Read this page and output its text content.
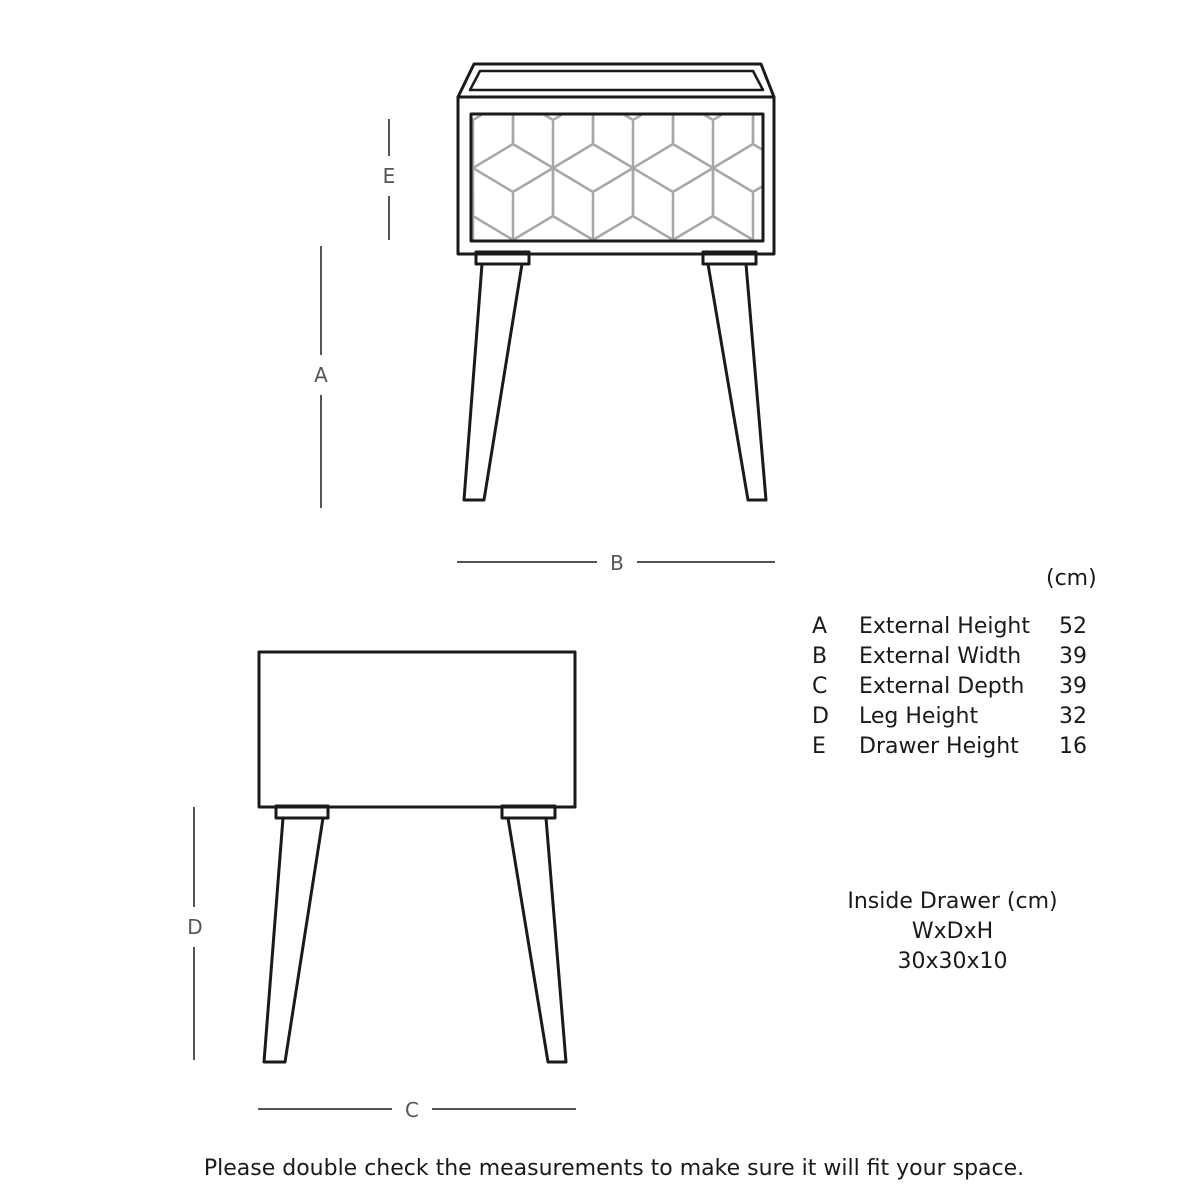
E
A
B
D
C
(cm)
A	External Height	52
B	External Width	39
C	External Depth	39
D	Leg Height	32
E	Drawer Height	16
Inside Drawer (cm)
WxDxH
30x30x10
Please double check the measurements to make sure it will fit your space.
